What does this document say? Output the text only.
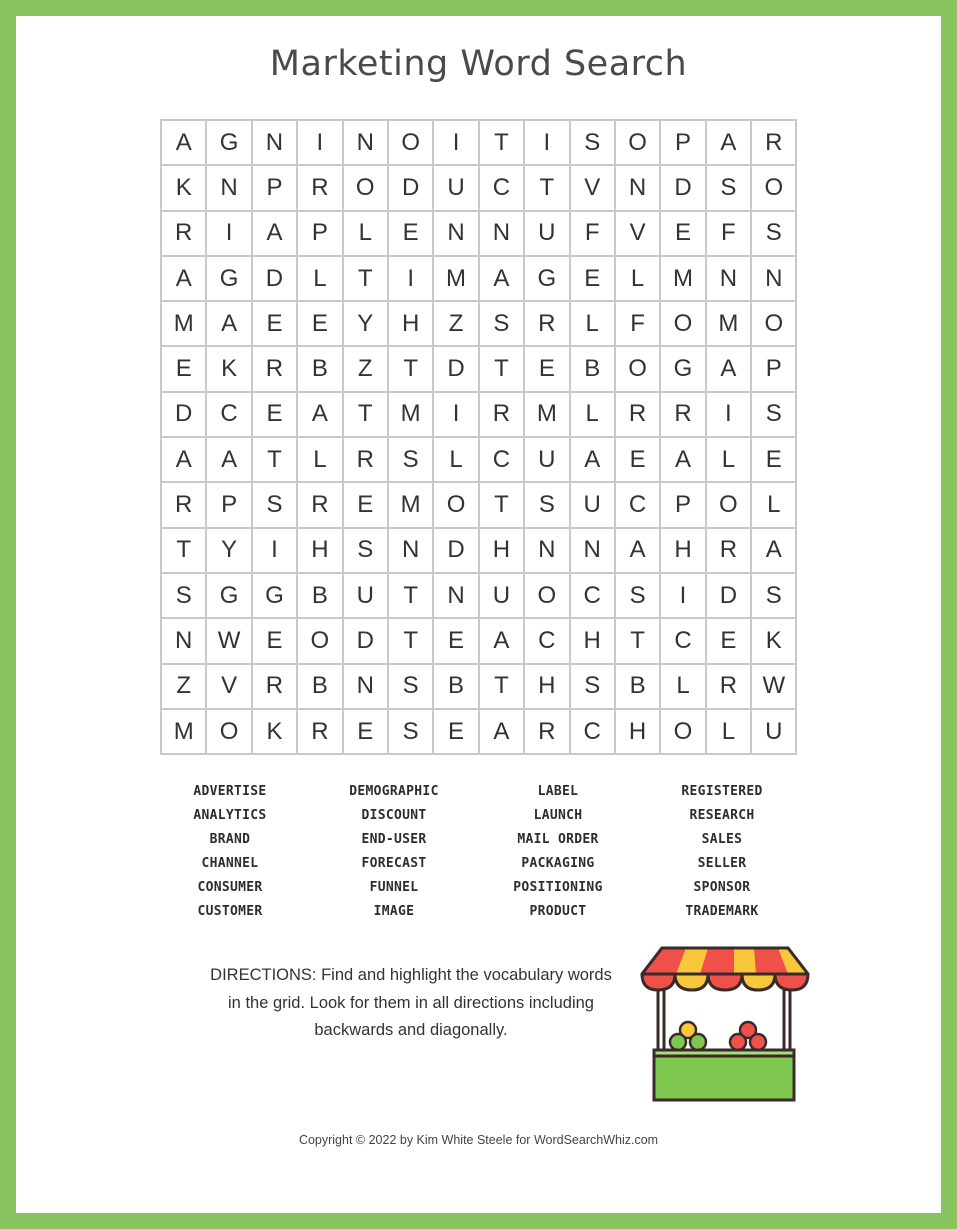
Marketing Word Search
A	G	N	I	N	O	I	T	I	S	O	P	A	R
K	N	P	R	O	D	U	C	T	V	N	D	S	O
R	I	A	P	L	E	N	N	U	F	V	E	F	S
A	G	D	L	T	I	M	A	G	E	L	M	N	N
M	A	E	E	Y	H	Z	S	R	L	F	O	M	O
E	K	R	B	Z	T	D	T	E	B	O	G	A	P
D	C	E	A	T	M	I	R	M	L	R	R	I	S
A	A	T	L	R	S	L	C	U	A	E	A	L	E
R	P	S	R	E	M	O	T	S	U	C	P	O	L
T	Y	I	H	S	N	D	H	N	N	A	H	R	A
S	G	G	B	U	T	N	U	O	C	S	I	D	S
N	W	E	O	D	T	E	A	C	H	T	C	E	K
Z	V	R	B	N	S	B	T	H	S	B	L	R	W
M	O	K	R	E	S	E	A	R	C	H	O	L	U
ADVERTISE
ANALYTICS
BRAND
CHANNEL
CONSUMER
CUSTOMER
DEMOGRAPHIC
DISCOUNT
END-USER
FORECAST
FUNNEL
IMAGE
LABEL
LAUNCH
MAIL ORDER
PACKAGING
POSITIONING
PRODUCT
REGISTERED
RESEARCH
SALES
SELLER
SPONSOR
TRADEMARK
DIRECTIONS: Find and highlight the vocabulary words
in the grid. Look for them in all directions including
backwards and diagonally.
Copyright © 2022 by Kim White Steele for WordSearchWhiz.com
